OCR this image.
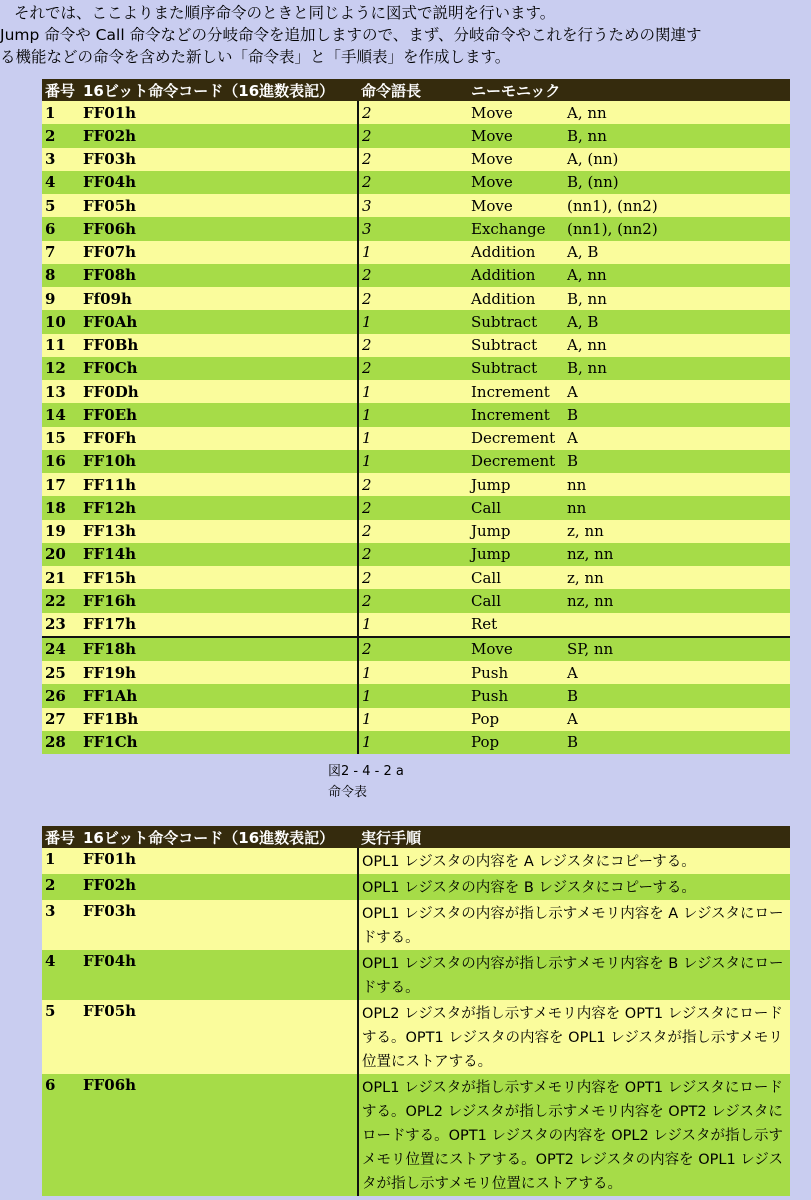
それでは、ここよりまた順序命令のときと同じように図式で説明を行います。
Jump 命令や Call 命令などの分岐命令を追加しますので、まず、分岐命令やこれを行うための関連す
る機能などの命令を含めた新しい「命令表」と「手順表」を作成します。
番号	16ビット命令コード（16進数表記）	命令語長	ニーモニック
1	FF01h	2	Move A, nn
2	FF02h	2	Move B, nn
3	FF03h	2	Move A, (nn)
4	FF04h	2	Move B, (nn)
5	FF05h	3	Move (nn1), (nn2)
6	FF06h	3	Exchange (nn1), (nn2)
7	FF07h	1	Addition A, B
8	FF08h	2	Addition A, nn
9	Ff09h	2	Addition B, nn
10	FF0Ah	1	Subtract A, B
11	FF0Bh	2	Subtract A, nn
12	FF0Ch	2	Subtract B, nn
13	FF0Dh	1	Increment A
14	FF0Eh	1	Increment B
15	FF0Fh	1	Decrement A
16	FF10h	1	Decrement B
17	FF11h	2	Jump nn
18	FF12h	2	Call nn
19	FF13h	2	Jump z, nn
20	FF14h	2	Jump nz, nn
21	FF15h	2	Call z, nn
22	FF16h	2	Call nz, nn
23	FF17h	1	Ret
24	FF18h	2	Move SP, nn
25	FF19h	1	Push A
26	FF1Ah	1	Push B
27	FF1Bh	1	Pop A
28	FF1Ch	1	Pop B
図2 - 4 - 2 a
命令表
番号	16ビット命令コード（16進数表記）	実行手順
1	FF01h	OPL1 レジスタの内容を A レジスタにコピーする。
2	FF02h	OPL1 レジスタの内容を B レジスタにコピーする。
3	FF03h	OPL1 レジスタの内容が指し示すメモリ内容を A レジスタにロードする。
4	FF04h	OPL1 レジスタの内容が指し示すメモリ内容を B レジスタにロードする。
5	FF05h	OPL2 レジスタが指し示すメモリ内容を OPT1 レジスタにロードする。OPT1 レジスタの内容を OPL1 レジスタが指し示すメモリ位置にストアする。
6	FF06h	OPL1 レジスタが指し示すメモリ内容を OPT1 レジスタにロードする。OPL2 レジスタが指し示すメモリ内容を OPT2 レジスタにロードする。OPT1 レジスタの内容を OPL2 レジスタが指し示すメモリ位置にストアする。OPT2 レジスタの内容を OPL1 レジスタが指し示すメモリ位置にストアする。
